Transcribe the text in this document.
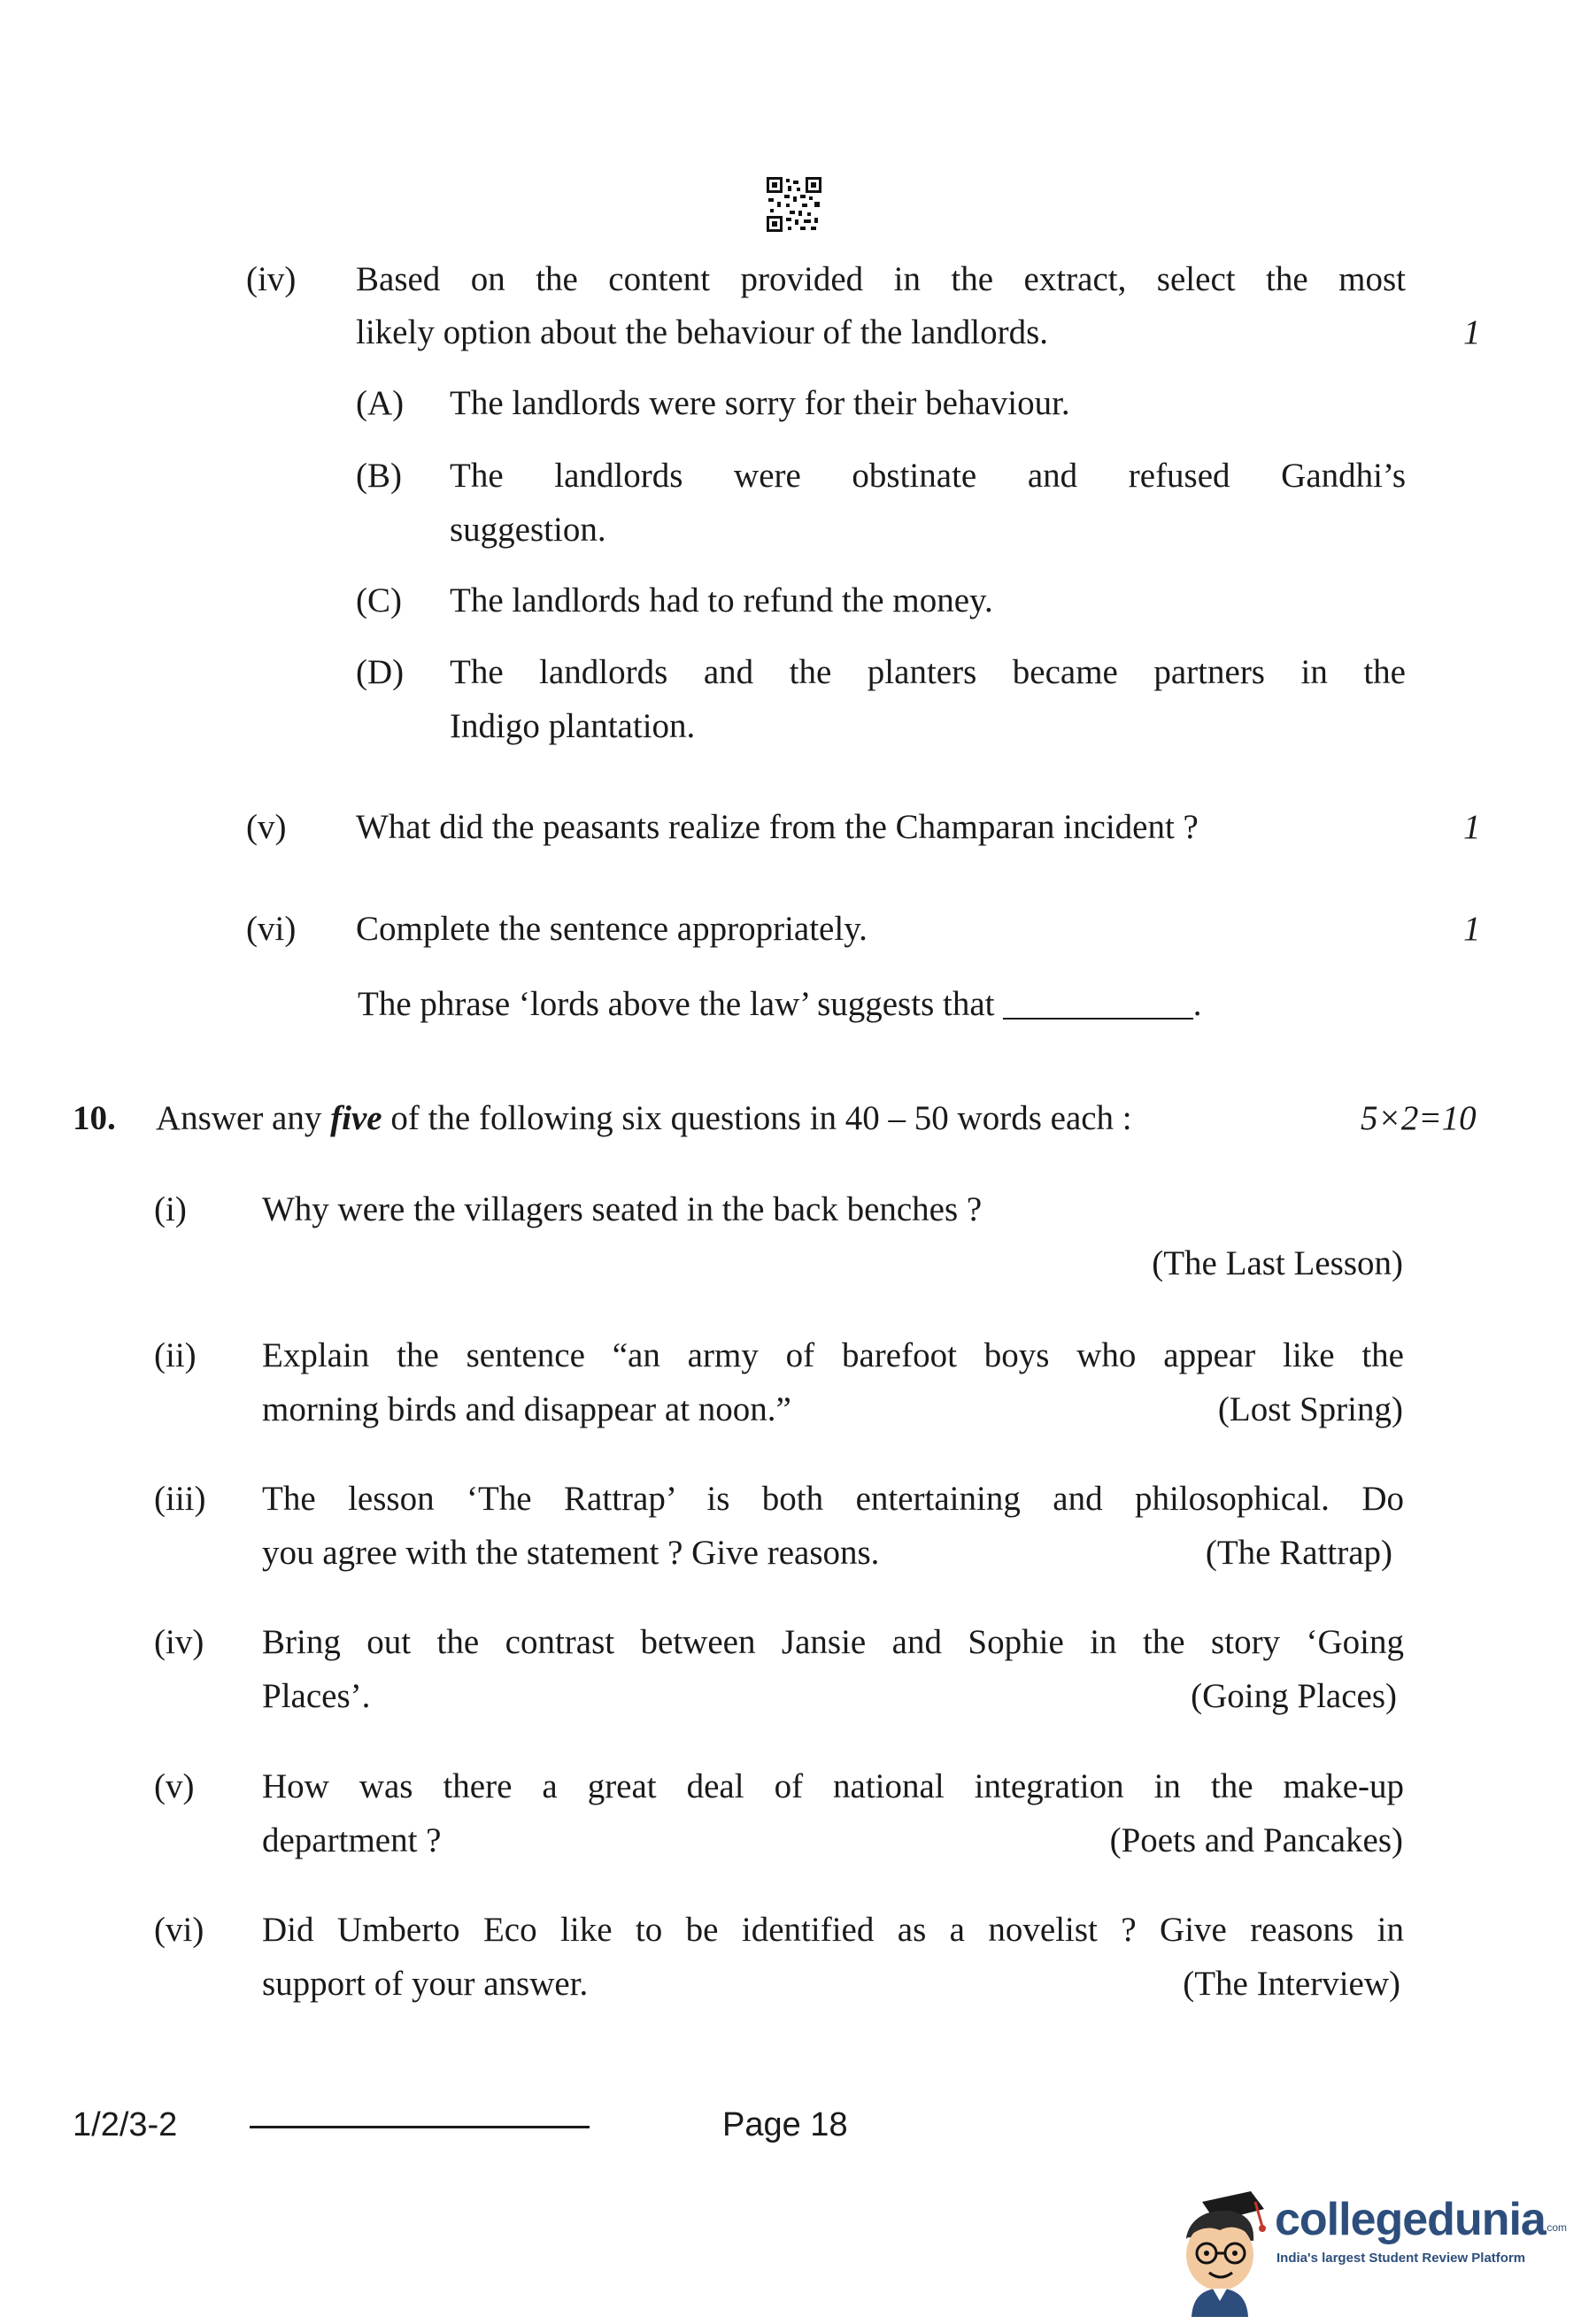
(iv) Based on the content provided in the extract, select the most
likely option about the behaviour of the landlords.	1
(A) The landlords were sorry for their behaviour.
(B) The landlords were obstinate and refused Gandhi’s
suggestion.
(C) The landlords had to refund the money.
(D) The landlords and the planters became partners in the
Indigo plantation.
(v) What did the peasants realize from the Champaran incident ?	1
(vi) Complete the sentence appropriately.	1
The phrase ‘lords above the law’ suggests that ___________.
10. Answer any five of the following six questions in 40 – 50 words each :	5×2=10
(i) Why were the villagers seated in the back benches ?
(The Last Lesson)
(ii) Explain the sentence “an army of barefoot boys who appear like the
morning birds and disappear at noon.”	(Lost Spring)
(iii) The lesson ‘The Rattrap’ is both entertaining and philosophical. Do
you agree with the statement ? Give reasons.	(The Rattrap)
(iv) Bring out the contrast between Jansie and Sophie in the story ‘Going
Places’.	(Going Places)
(v) How was there a great deal of national integration in the make-up
department ?	(Poets and Pancakes)
(vi) Did Umberto Eco like to be identified as a novelist ? Give reasons in
support of your answer.	(The Interview)
1/2/3-2	Page 18
collegedunia
.com
India's largest Student Review Platform
